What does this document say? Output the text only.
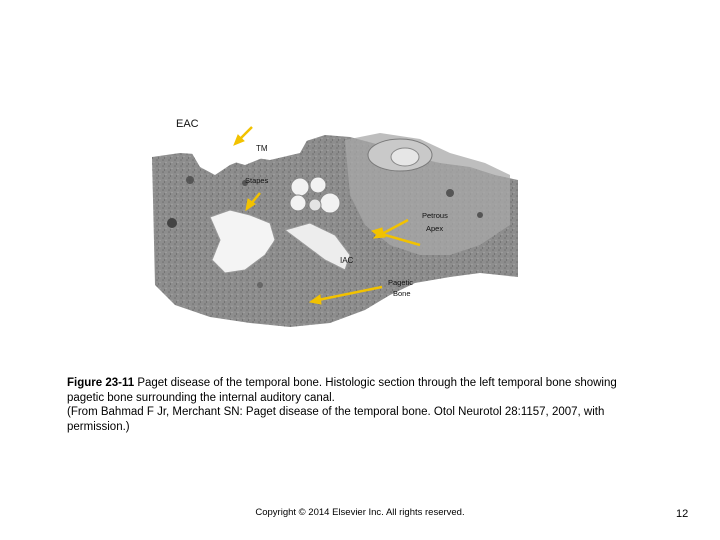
EAC
TM
Stapes
Petrous
Apex
IAC
Pagetic
Bone
Figure 23-11 Paget disease of the temporal bone. Histologic section through the left temporal bone showing
pagetic bone surrounding the internal auditory canal.
(From Bahmad F Jr, Merchant SN: Paget disease of the temporal bone. Otol Neurotol 28:1157, 2007, with
permission.)
Copyright © 2014 Elsevier Inc. All rights reserved.	12
